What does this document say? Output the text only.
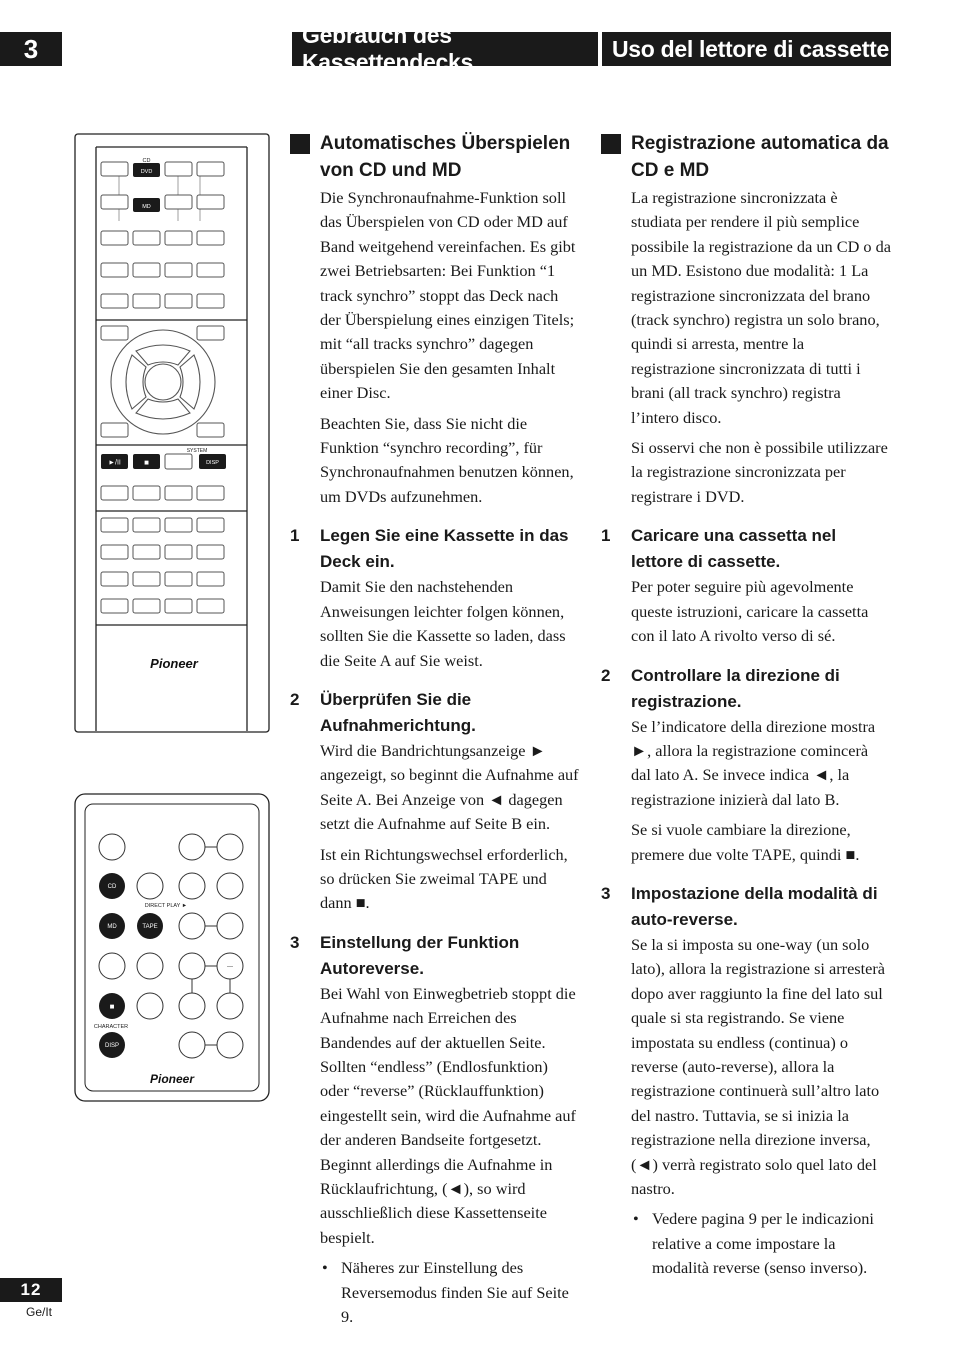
3	Gebrauch des Kassettendecks
Uso del lettore di cassette
CD
DVD
MD
►/II	■
SYSTEM
DISP
Pioneer
CD
DIRECT PLAY ►
MD	TAPE
---
■
CHARACTER
DISP
Pioneer
Automatisches Überspielen von CD und MD

Die Synchronaufnahme-Funktion soll das Überspielen von CD oder MD auf Band weitgehend vereinfachen. Es gibt zwei Betriebsarten: Bei Funktion “1 track synchro” stoppt das Deck nach der Überspielung eines einzigen Titels; mit “all tracks synchro” dagegen überspielen Sie den gesamten Inhalt einer Disc.

Beachten Sie, dass Sie nicht die Funktion “synchro recording”, für Synchronaufnahmen benutzen können, um DVDs aufzunehmen.

1 Legen Sie eine Kassette in das Deck ein.

Damit Sie den nachstehenden Anweisungen leichter folgen können, sollten Sie die Kassette so laden, dass die Seite A auf Sie weist.

2 Überprüfen Sie die Aufnahmerichtung.

Wird die Bandrichtungsanzeige ► angezeigt, so beginnt die Aufnahme auf Seite A. Bei Anzeige von ◄ dagegen setzt die Aufnahme auf Seite B ein.

Ist ein Richtungswechsel erforderlich, so drücken Sie zweimal TAPE und dann ■.

3 Einstellung der Funktion Autoreverse.

Bei Wahl von Einwegbetrieb stoppt die Aufnahme nach Erreichen des Bandendes auf der aktuellen Seite. Sollten “endless” (Endlosfunktion) oder “reverse” (Rücklauffunktion) eingestellt sein, wird die Aufnahme auf der anderen Bandseite fortgesetzt. Beginnt allerdings die Aufnahme in Rücklaufrichtung, (◄), so wird ausschließlich diese Kassettenseite bespielt.

• Näheres zur Einstellung des Reversemodus finden Sie auf Seite 9.
Registrazione automatica da CD e MD

La registrazione sincronizzata è studiata per rendere il più semplice possibile la registrazione da un CD o da un MD. Esistono due modalità: 1 La registrazione sincronizzata del brano (track synchro) registra un solo brano, quindi si arresta, mentre la registrazione sincronizzata di tutti i brani (all track synchro) registra l’intero disco.

Si osservi che non è possibile utilizzare la registrazione sincronizzata per registrare i DVD.

1 Caricare una cassetta nel lettore di cassette.

Per poter seguire più agevolmente queste istruzioni, caricare la cassetta con il lato A rivolto verso di sé.

2 Controllare la direzione di registrazione.

Se l’indicatore della direzione mostra ►, allora la registrazione comincerà dal lato A. Se invece indica ◄, la registrazione inizierà dal lato B.

Se si vuole cambiare la direzione, premere due volte TAPE, quindi ■.

3 Impostazione della modalità di auto-reverse.

Se la si imposta su one-way (un solo lato), allora la registrazione si arresterà dopo aver raggiunto la fine del lato sul quale si sta registrando. Se viene impostata su endless (continua) o reverse (auto-reverse), allora la registrazione continuerà sull’altro lato del nastro. Tuttavia, se si inizia la registrazione nella direzione inversa, (◄) verrà registrato solo quel lato del nastro.

• Vedere pagina 9 per le indicazioni relative a come impostare la modalità reverse (senso inverso).
12
Ge/It
